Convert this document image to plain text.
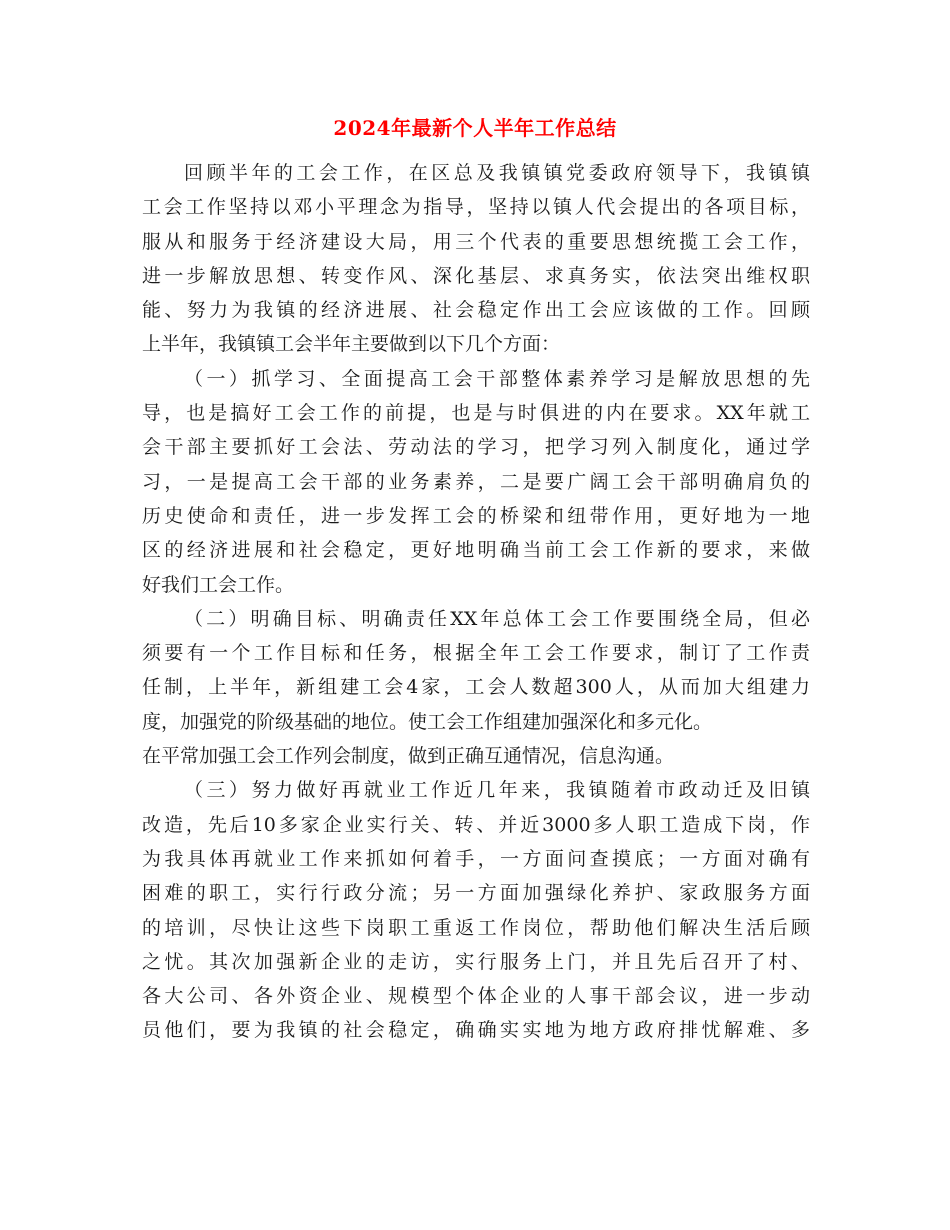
2024年最新个人半年工作总结
回顾半年的工会工作，在区总及我镇镇党委政府领导下，我镇镇
工会工作坚持以邓小平理念为指导，坚持以镇人代会提出的各项目标，
服从和服务于经济建设大局，用三个代表的重要思想统揽工会工作，
进一步解放思想、转变作风、深化基层、求真务实，依法突出维权职
能、努力为我镇的经济进展、社会稳定作出工会应该做的工作。回顾
上半年，我镇镇工会半年主要做到以下几个方面：
（一）抓学习、全面提高工会干部整体素养学习是解放思想的先
导，也是搞好工会工作的前提，也是与时俱进的内在要求。XX年就工
会干部主要抓好工会法、劳动法的学习，把学习列入制度化，通过学
习，一是提高工会干部的业务素养，二是要广阔工会干部明确肩负的
历史使命和责任，进一步发挥工会的桥梁和纽带作用，更好地为一地
区的经济进展和社会稳定，更好地明确当前工会工作新的要求，来做
好我们工会工作。
（二）明确目标、明确责任XX年总体工会工作要围绕全局，但必
须要有一个工作目标和任务，根据全年工会工作要求，制订了工作责
任制，上半年，新组建工会4家，工会人数超300人，从而加大组建力
度，加强党的阶级基础的地位。使工会工作组建加强深化和多元化。
在平常加强工会工作列会制度，做到正确互通情况，信息沟通。
（三）努力做好再就业工作近几年来，我镇随着市政动迁及旧镇
改造，先后10多家企业实行关、转、并近3000多人职工造成下岗，作
为我具体再就业工作来抓如何着手，一方面问查摸底；一方面对确有
困难的职工，实行行政分流；另一方面加强绿化养护、家政服务方面
的培训，尽快让这些下岗职工重返工作岗位，帮助他们解决生活后顾
之忧。其次加强新企业的走访，实行服务上门，并且先后召开了村、
各大公司、各外资企业、规模型个体企业的人事干部会议，进一步动
员他们，要为我镇的社会稳定，确确实实地为地方政府排忧解难、多
